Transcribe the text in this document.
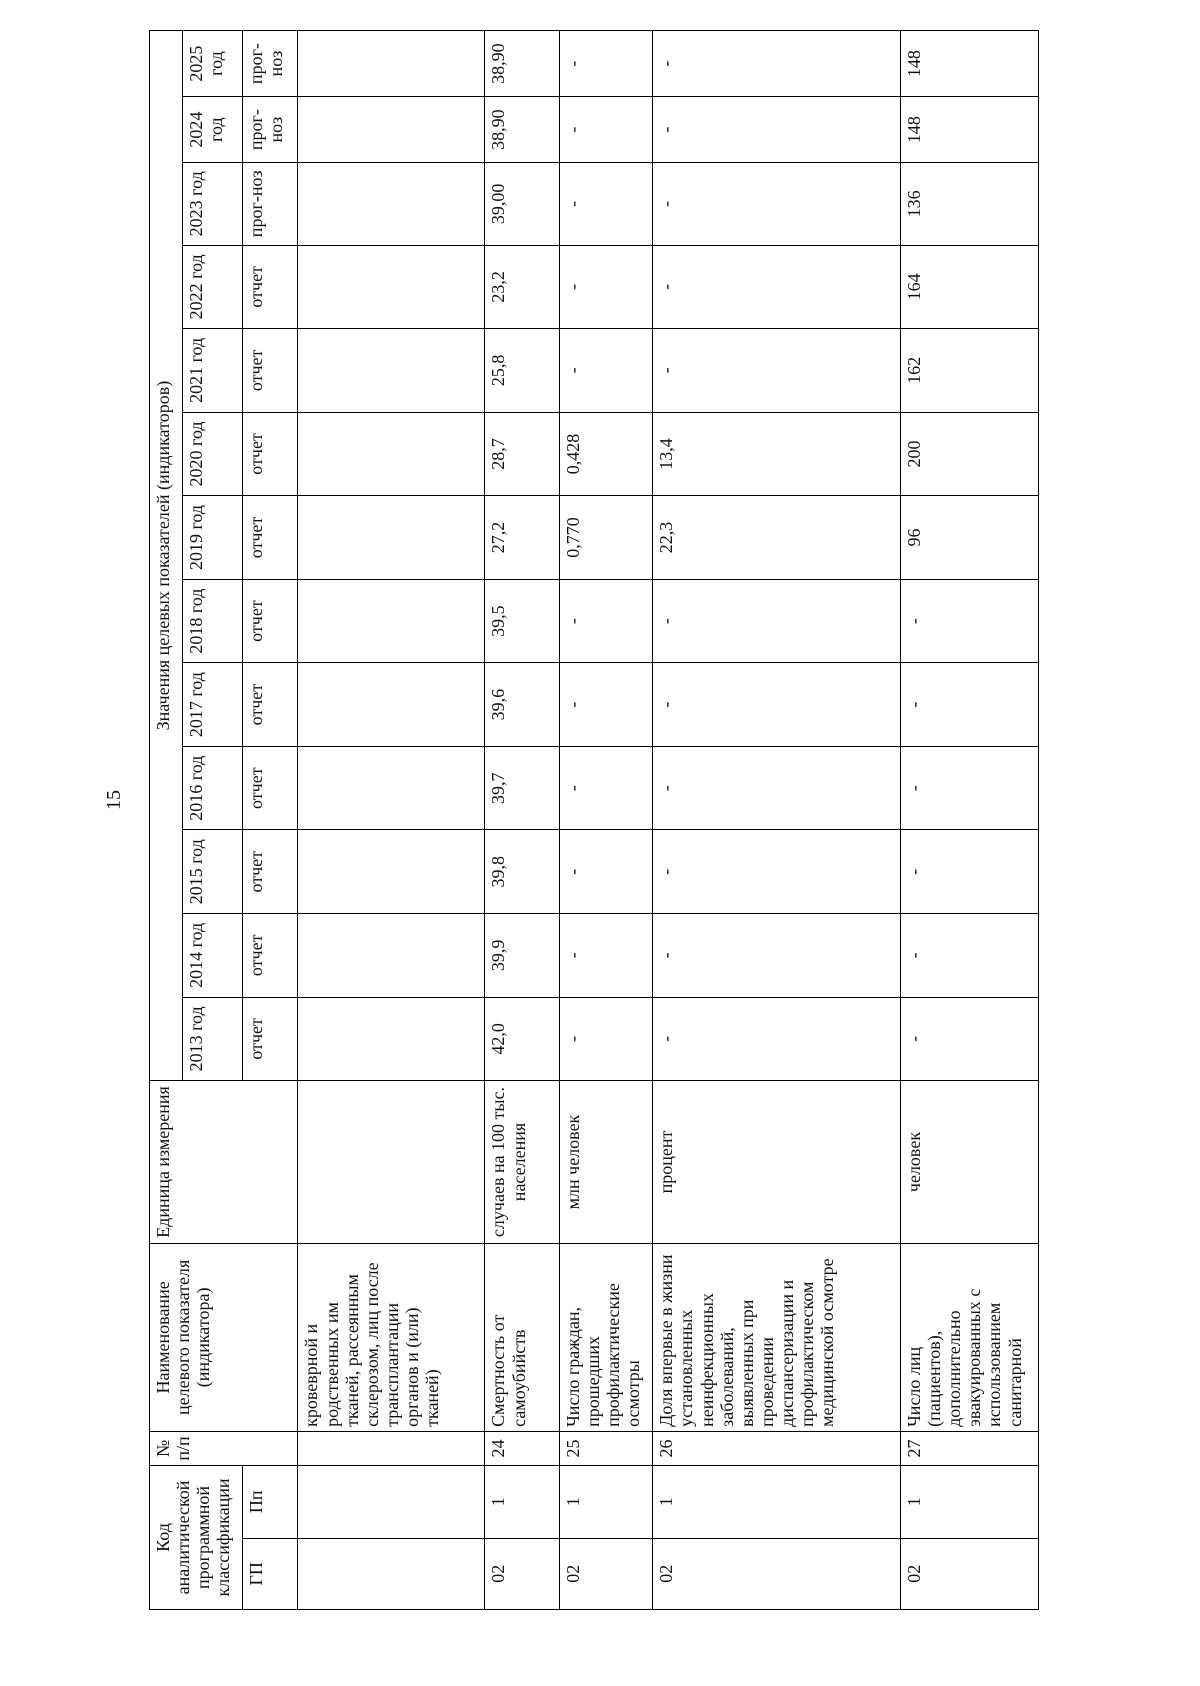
15
Код аналитической программной классификации		№ п/п	Наименование целевого показателя (индикатора)	Единица измерения	Значения целевых показателей (индикаторов)												
					2013 год	2014 год	2015 год	2016 год	2017 год	2018 год	2019 год	2020 год	2021 год	2022 год	2023 год	2024 год	2025 год
ГП	Пп				отчет	отчет	отчет	отчет	отчет	отчет	отчет	отчет	отчет	отчет	прог-ноз	прог-ноз	прог-ноз
			кровеврной и родственных им тканей, рассеянным склерозом, лиц после трансплантации органов и (или) тканей)														
02	1	24	Смертность от самоубийств	случаев на 100 тыс. населения	42,0	39,9	39,8	39,7	39,6	39,5	27,2	28,7	25,8	23,2	39,00	38,90	38,90
02	1	25	Число граждан, прошедших профилактические осмотры	млн человек	-	-	-	-	-	-	0,770	0,428	-	-	-	-	-
02	1	26	Доля впервые в жизни установленных неинфекционных заболеваний, выявленных при проведении диспансеризации и профилактическом медицинской осмотре	процент	-	-	-	-	-	-	22,3	13,4	-	-	-	-	-
02	1	27	Число лиц (пациентов), дополнительно эвакуированных с использованием санитарной	человек	-	-	-	-	-	-	96	200	162	164	136	148	148
